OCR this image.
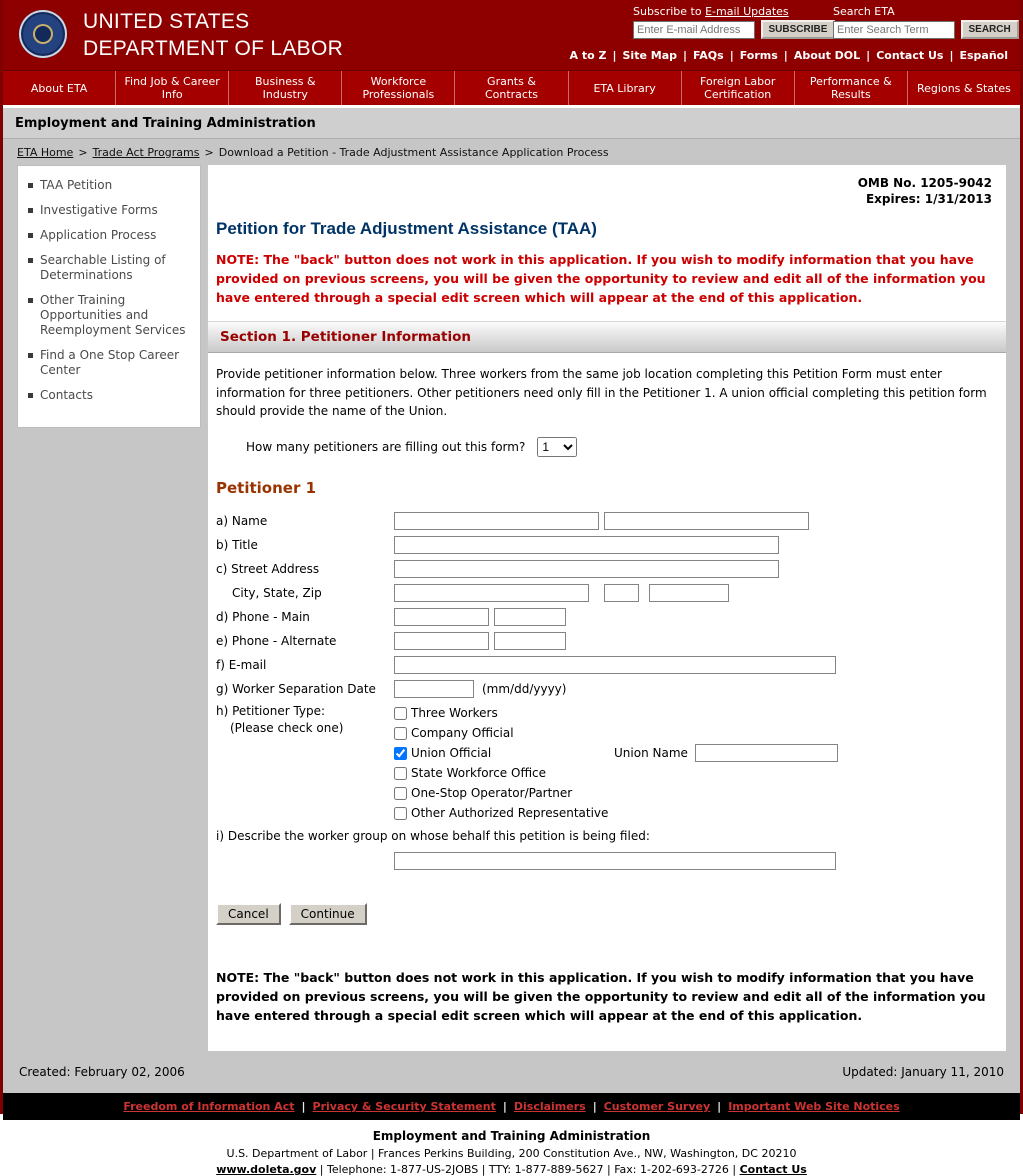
UNITED STATES
DEPARTMENT OF LABOR
Subscribe to E-mail Updates
Enter E-mail Address SUBSCRIBE
Search ETA
Enter Search Term SEARCH
A to Z | Site Map | FAQs | Forms | About DOL | Contact Us | Español
About ETA	Find Job & Career Info
Business & Industry
Workforce Professionals
Grants & Contracts	ETA Library	Foreign Labor Certification
Performance & Results	Regions & States
Employment and Training Administration
ETA Home > Trade Act Programs > Download a Petition - Trade Adjustment Assistance Application Process
TAA Petition
Investigative Forms
Application Process
Searchable Listing of Determinations
Other Training Opportunities and Reemployment Services
Find a One Stop Career Center
Contacts
OMB No. 1205-9042
Expires: 1/31/2013
Petition for Trade Adjustment Assistance (TAA)

NOTE: The "back" button does not work in this application. If you wish to modify information that you have provided on previous screens, you will be given the opportunity to review and edit all of the information you have entered through a special edit screen which will appear at the end of this application.

Section 1. Petitioner Information

Provide petitioner information below. Three workers from the same job location completing this Petition Form must enter information for three petitioners. Other petitioners need only fill in the Petitioner 1. A union official completing this petition form should provide the name of the Union.

How many petitioners are filling out this form?
1
Petitioner 1
a) Name
b) Title
c) Street Address
City, State, Zip
d) Phone - Main
e) Phone - Alternate
f) E-mail
g) Worker Separation Date	(mm/dd/yyyy)
h) Petitioner Type:
(Please check one)
Three Workers
Company Official
Union Official	Union Name
State Workforce Office
One-Stop Operator/Partner
Other Authorized Representative
i) Describe the worker group on whose behalf this petition is being filed:
Cancel	Continue

NOTE: The "back" button does not work in this application. If you wish to modify information that you have provided on previous screens, you will be given the opportunity to review and edit all of the information you have entered through a special edit screen which will appear at the end of this application.

Created: February 02, 2006	Updated: January 11, 2010
Freedom of Information Act | Privacy & Security Statement | Disclaimers | Customer Survey | Important Web Site Notices
Employment and Training Administration
U.S. Department of Labor | Frances Perkins Building, 200 Constitution Ave., NW, Washington, DC 20210
www.doleta.gov | Telephone: 1-877-US-2JOBS | TTY: 1-877-889-5627 | Fax: 1-202-693-2726 | Contact Us
